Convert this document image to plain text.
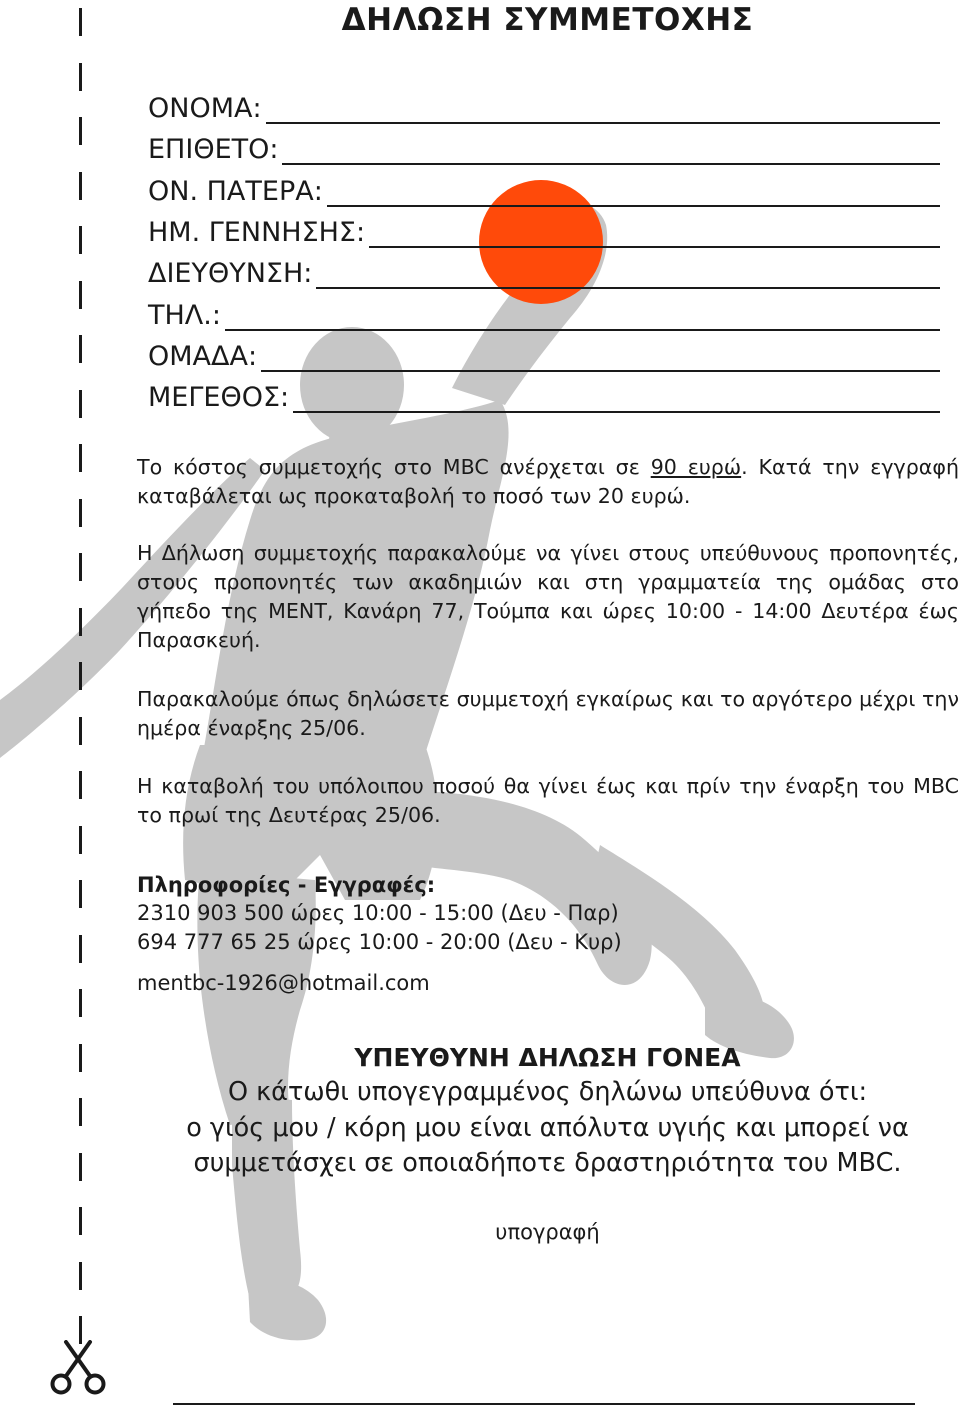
ΔΗΛΩΣΗ ΣΥΜΜΕΤΟΧΗΣ
ΟΝΟΜΑ:
ΕΠΙΘΕΤΟ:
ΟΝ. ΠΑΤΕΡΑ:
ΗΜ. ΓΕΝΝΗΣΗΣ:
ΔΙΕΥΘΥΝΣΗ:
ΤΗΛ.:
ΟΜΑΔΑ:
ΜΕΓΕΘΟΣ:

Το κόστος συμμετοχής στο MBC ανέρχεται σε 90 ευρώ. Κατά την εγγραφή καταβάλεται ως προκαταβολή το ποσό των 20 ευρώ.

Η Δήλωση συμμετοχής παρακαλούμε να γίνει στους υπεύθυνους προπονητές, στους προπονητές των ακαδημιών και στη γραμματεία της ομάδας στο γήπεδο της ΜΕΝΤ, Κανάρη 77, Τούμπα και ώρες 10:00 - 14:00 Δευτέρα έως Παρασκευή.

Παρακαλούμε όπως δηλώσετε συμμετοχή εγκαίρως και το αργότερο μέχρι την ημέρα έναρξης 25/06.

Η καταβολή του υπόλοιπου ποσού θα γίνει έως και πρίν την έναρξη του MBC το πρωί της Δευτέρας 25/06.

Πληροφορίες - Εγγραφές:

2310 903 500 ώρες 10:00 - 15:00 (Δευ - Παρ)

694 777 65 25 ώρες 10:00 - 20:00 (Δευ - Κυρ)

mentbc-1926@hotmail.com

ΥΠΕΥΘΥΝΗ ΔΗΛΩΣΗ ΓΟΝΕΑ

Ο κάτωθι υπογεγραμμένος δηλώνω υπεύθυνα ότι:

ο γιός μου / κόρη μου είναι απόλυτα υγιής και μπορεί να

συμμετάσχει σε οποιαδήποτε δραστηριότητα του MBC.

υπογραφή
